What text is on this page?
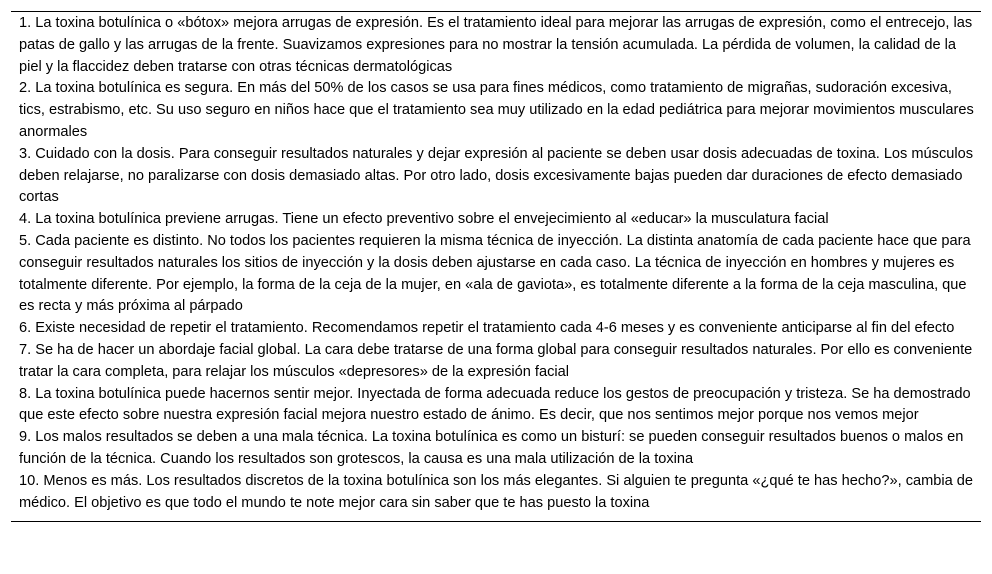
1. La toxina botulínica o «bótox» mejora arrugas de expresión. Es el tratamiento ideal para mejorar las arrugas de expresión, como el entrecejo, las patas de gallo y las arrugas de la frente. Suavizamos expresiones para no mostrar la tensión acumulada. La pérdida de volumen, la calidad de la piel y la flaccidez deben tratarse con otras técnicas dermatológicas
2. La toxina botulínica es segura. En más del 50% de los casos se usa para fines médicos, como tratamiento de migrañas, sudoración excesiva, tics, estrabismo, etc. Su uso seguro en niños hace que el tratamiento sea muy utilizado en la edad pediátrica para mejorar movimientos musculares anormales
3. Cuidado con la dosis. Para conseguir resultados naturales y dejar expresión al paciente se deben usar dosis adecuadas de toxina. Los músculos deben relajarse, no paralizarse con dosis demasiado altas. Por otro lado, dosis excesivamente bajas pueden dar duraciones de efecto demasiado cortas
4. La toxina botulínica previene arrugas. Tiene un efecto preventivo sobre el envejecimiento al «educar» la musculatura facial
5. Cada paciente es distinto. No todos los pacientes requieren la misma técnica de inyección. La distinta anatomía de cada paciente hace que para conseguir resultados naturales los sitios de inyección y la dosis deben ajustarse en cada caso. La técnica de inyección en hombres y mujeres es totalmente diferente. Por ejemplo, la forma de la ceja de la mujer, en «ala de gaviota», es totalmente diferente a la forma de la ceja masculina, que es recta y más próxima al párpado
6. Existe necesidad de repetir el tratamiento. Recomendamos repetir el tratamiento cada 4-6 meses y es conveniente anticiparse al fin del efecto
7. Se ha de hacer un abordaje facial global. La cara debe tratarse de una forma global para conseguir resultados naturales. Por ello es conveniente tratar la cara completa, para relajar los músculos «depresores» de la expresión facial
8. La toxina botulínica puede hacernos sentir mejor. Inyectada de forma adecuada reduce los gestos de preocupación y tristeza. Se ha demostrado que este efecto sobre nuestra expresión facial mejora nuestro estado de ánimo. Es decir, que nos sentimos mejor porque nos vemos mejor
9. Los malos resultados se deben a una mala técnica. La toxina botulínica es como un bisturí: se pueden conseguir resultados buenos o malos en función de la técnica. Cuando los resultados son grotescos, la causa es una mala utilización de la toxina
10. Menos es más. Los resultados discretos de la toxina botulínica son los más elegantes. Si alguien te pregunta «¿qué te has hecho?», cambia de médico. El objetivo es que todo el mundo te note mejor cara sin saber que te has puesto la toxina
